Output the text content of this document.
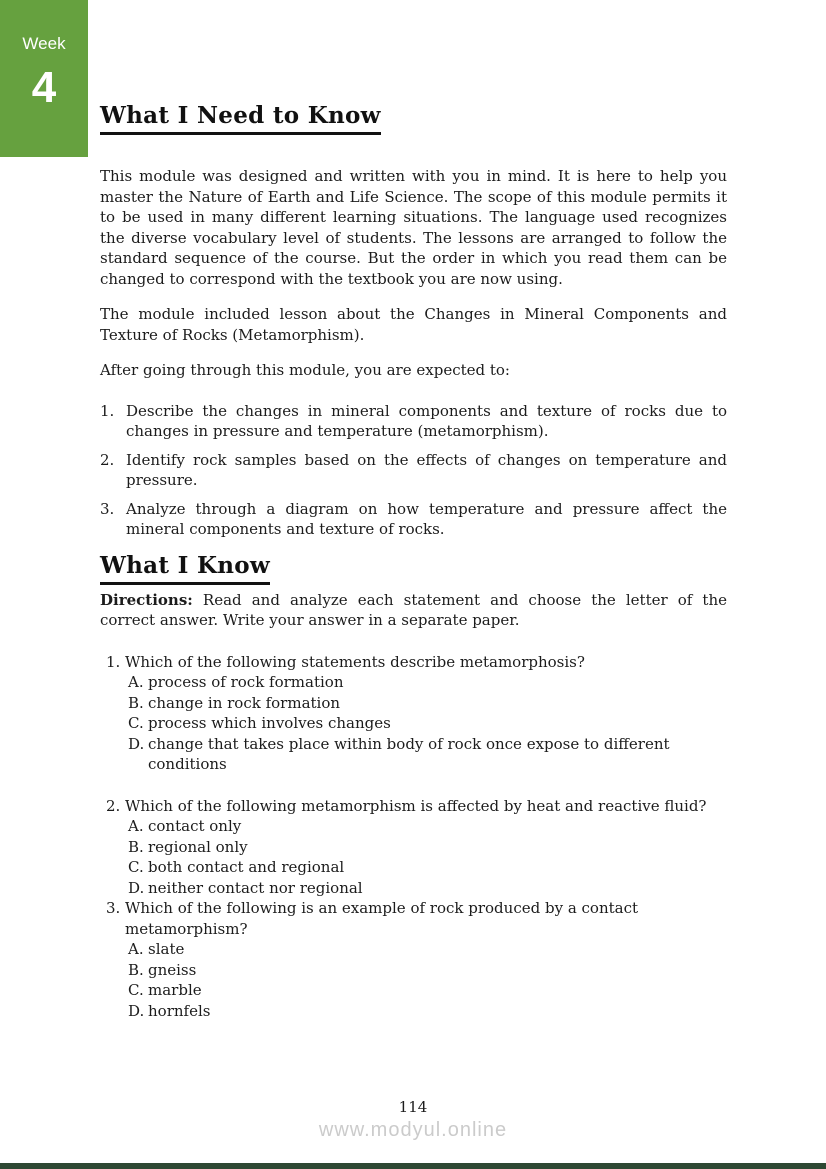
Week
4
What I Need to Know

This module was designed and written with you in mind. It is here to help you master the Nature of Earth and Life Science. The scope of this module permits it to be used in many different learning situations. The language used recognizes the diverse vocabulary level of students. The lessons are arranged to follow the standard sequence of the course. But the order in which you read them can be changed to correspond with the textbook you are now using.

The module included lesson about the Changes in Mineral Components and Texture of Rocks (Metamorphism).

After going through this module, you are expected to:

1. Describe the changes in mineral components and texture of rocks due to changes in pressure and temperature (metamorphism).
2. Identify rock samples based on the effects of changes on temperature and pressure.
3. Analyze through a diagram on how temperature and pressure affect the mineral components and texture of rocks.
What I Know

Directions: Read and analyze each statement and choose the letter of the correct answer. Write your answer in a separate paper.

1. Which of the following statements describe metamorphosis?
A. process of rock formation
B. change in rock formation
C. process which involves changes
D. change that takes place within body of rock once expose to different conditions
2. Which of the following metamorphism is affected by heat and reactive fluid?
A. contact only
B. regional only
C. both contact and regional
D. neither contact nor regional
3. Which of the following is an example of rock produced by a contact metamorphism?
A. slate
B. gneiss
C. marble
D. hornfels
114
www.modyul.online
